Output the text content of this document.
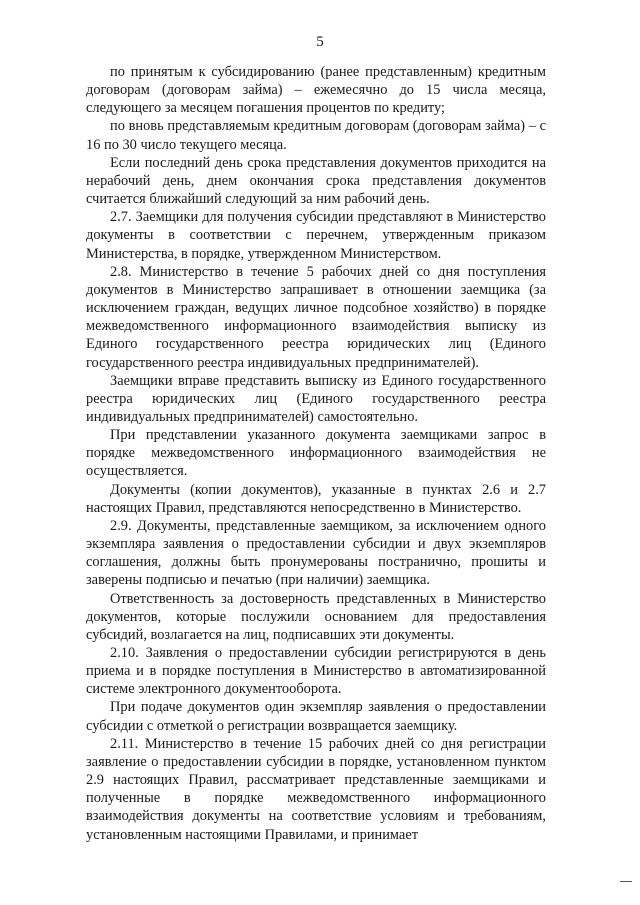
5

по принятым к субсидированию (ранее представленным) кредитным договорам (договорам займа) – ежемесячно до 15 числа месяца, следующего за месяцем погашения процентов по кредиту;

по вновь представляемым кредитным договорам (договорам займа) – с 16 по 30 число текущего месяца.

Если последний день срока представления документов приходится на нерабочий день, днем окончания срока представления документов считается ближайший следующий за ним рабочий день.

2.7. Заемщики для получения субсидии представляют в Министерство документы в соответствии с перечнем, утвержденным приказом Министерства, в порядке, утвержденном Министерством.

2.8. Министерство в течение 5 рабочих дней со дня поступления документов в Министерство запрашивает в отношении заемщика (за исключением граждан, ведущих личное подсобное хозяйство) в порядке межведомственного информационного взаимодействия выписку из Единого государственного реестра юридических лиц (Единого государственного реестра индивидуальных предпринимателей).

Заемщики вправе представить выписку из Единого государственного реестра юридических лиц (Единого государственного реестра индивидуальных предпринимателей) самостоятельно.

При представлении указанного документа заемщиками запрос в порядке межведомственного информационного взаимодействия не осуществляется.

Документы (копии документов), указанные в пунктах 2.6 и 2.7 настоящих Правил, представляются непосредственно в Министерство.

2.9. Документы, представленные заемщиком, за исключением одного экземпляра заявления о предоставлении субсидии и двух экземпляров соглашения, должны быть пронумерованы постранично, прошиты и заверены подписью и печатью (при наличии) заемщика.

Ответственность за достоверность представленных в Министерство документов, которые послужили основанием для предоставления субсидий, возлагается на лиц, подписавших эти документы.

2.10. Заявления о предоставлении субсидии регистрируются в день приема и в порядке поступления в Министерство в автоматизированной системе электронного документооборота.

При подаче документов один экземпляр заявления о предоставлении субсидии с отметкой о регистрации возвращается заемщику.

2.11. Министерство в течение 15 рабочих дней со дня регистрации заявление о предоставлении субсидии в порядке, установленном пунктом 2.9 настоящих Правил, рассматривает представленные заемщиками и полученные в порядке межведомственного информационного взаимодействия документы на соответствие условиям и требованиям, установленным настоящими Правилами, и принимает
